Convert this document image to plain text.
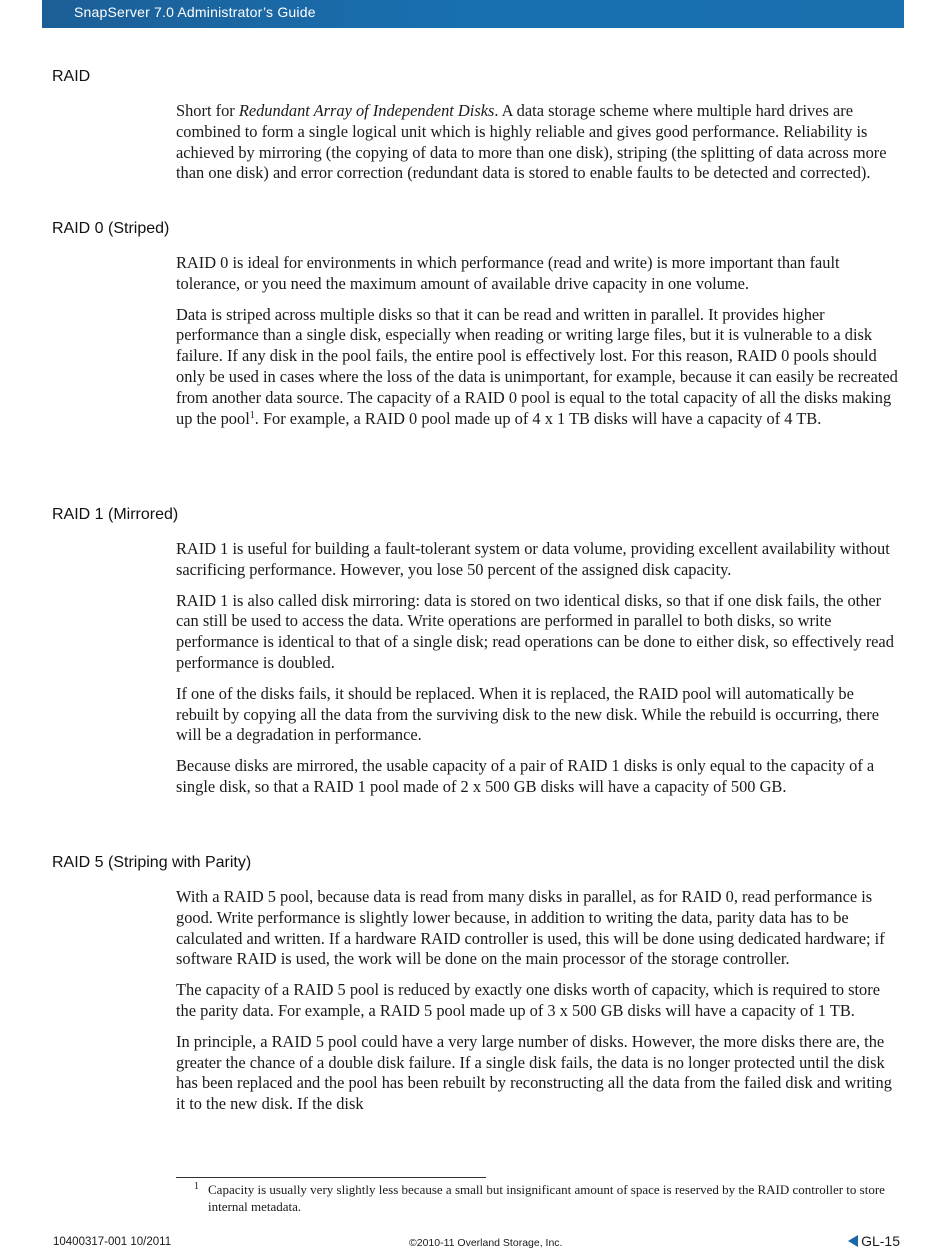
SnapServer 7.0 Administrator’s Guide
RAID

Short for Redundant Array of Independent Disks. A data storage scheme where multiple hard drives are combined to form a single logical unit which is highly reliable and gives good performance. Reliability is achieved by mirroring (the copying of data to more than one disk), striping (the splitting of data across more than one disk) and error correction (redundant data is stored to enable faults to be detected and corrected).

RAID 0 (Striped)

RAID 0 is ideal for environments in which performance (read and write) is more important than fault tolerance, or you need the maximum amount of available drive capacity in one volume.

Data is striped across multiple disks so that it can be read and written in parallel. It provides higher performance than a single disk, especially when reading or writing large files, but it is vulnerable to a disk failure. If any disk in the pool fails, the entire pool is effectively lost. For this reason, RAID 0 pools should only be used in cases where the loss of the data is unimportant, for example, because it can easily be recreated from another data source. The capacity of a RAID 0 pool is equal to the total capacity of all the disks making up the pool$^1$. For example, a RAID 0 pool made up of 4 x 1 TB disks will have a capacity of 4 TB.

RAID 1 (Mirrored)

RAID 1 is useful for building a fault-tolerant system or data volume, providing excellent availability without sacrificing performance. However, you lose 50 percent of the assigned disk capacity.

RAID 1 is also called disk mirroring: data is stored on two identical disks, so that if one disk fails, the other can still be used to access the data. Write operations are performed in parallel to both disks, so write performance is identical to that of a single disk; read operations can be done to either disk, so effectively read performance is doubled.

If one of the disks fails, it should be replaced. When it is replaced, the RAID pool will automatically be rebuilt by copying all the data from the surviving disk to the new disk. While the rebuild is occurring, there will be a degradation in performance.

Because disks are mirrored, the usable capacity of a pair of RAID 1 disks is only equal to the capacity of a single disk, so that a RAID 1 pool made of 2 x 500 GB disks will have a capacity of 500 GB.

RAID 5 (Striping with Parity)

With a RAID 5 pool, because data is read from many disks in parallel, as for RAID 0, read performance is good. Write performance is slightly lower because, in addition to writing the data, parity data has to be calculated and written. If a hardware RAID controller is used, this will be done using dedicated hardware; if software RAID is used, the work will be done on the main processor of the storage controller.

The capacity of a RAID 5 pool is reduced by exactly one disks worth of capacity, which is required to store the parity data. For example, a RAID 5 pool made up of 3 x 500 GB disks will have a capacity of 1 TB.

In principle, a RAID 5 pool could have a very large number of disks. However, the more disks there are, the greater the chance of a double disk failure. If a single disk fails, the data is no longer protected until the disk has been replaced and the pool has been rebuilt by reconstructing all the data from the failed disk and writing it to the new disk. If the disk

1 Capacity is usually very slightly less because a small but insignificant amount of space is reserved by the RAID controller to store internal metadata.
10400317-001 10/2011	©2010-11 Overland Storage, Inc.	GL-15
